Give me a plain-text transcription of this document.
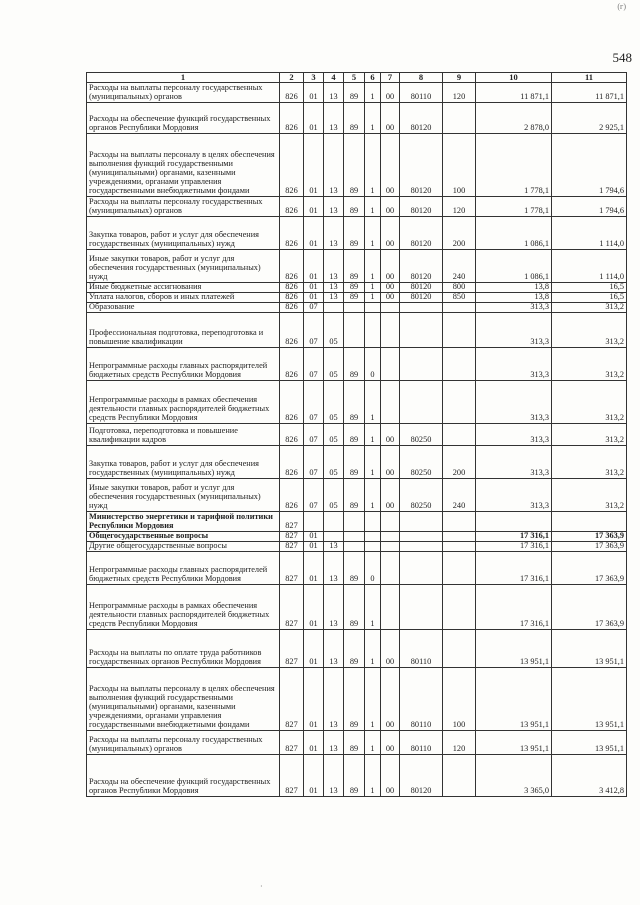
(г)
548
1	2	3	4	5	6	7	8	9	10	11
Расходы на выплаты персоналу государственных (муниципальных) органов	826	01	13	89	1	00	80110	120	11 871,1	11 871,1
Расходы на обеспечение функций государственных органов Республики Мордовия	826	01	13	89	1	00	80120		2 878,0	2 925,1
Расходы на выплаты персоналу в целях обеспечения выполнения функций государственными (муниципальными) органами, казенными учреждениями, органами управления государственными внебюджетными фондами	826	01	13	89	1	00	80120	100	1 778,1	1 794,6
Расходы на выплаты персоналу государственных (муниципальных) органов	826	01	13	89	1	00	80120	120	1 778,1	1 794,6
Закупка товаров, работ и услуг для обеспечения государственных (муниципальных) нужд	826	01	13	89	1	00	80120	200	1 086,1	1 114,0
Иные закупки товаров, работ и услуг для обеспечения государственных (муниципальных) нужд	826	01	13	89	1	00	80120	240	1 086,1	1 114,0
Иные бюджетные ассигнования	826	01	13	89	1	00	80120	800	13,8	16,5
Уплата налогов, сборов и иных платежей	826	01	13	89	1	00	80120	850	13,8	16,5
Образование	826	07							313,3	313,2
Профессиональная подготовка, переподготовка и повышение квалификации	826	07	05						313,3	313,2
Непрограммные расходы главных распорядителей бюджетных средств Республики Мордовия	826	07	05	89	0				313,3	313,2
Непрограммные расходы в рамках обеспечения деятельности главных распорядителей бюджетных средств Республики Мордовия	826	07	05	89	1				313,3	313,2
Подготовка, переподготовка и повышение квалификации кадров	826	07	05	89	1	00	80250		313,3	313,2
Закупка товаров, работ и услуг для обеспечения государственных (муниципальных) нужд	826	07	05	89	1	00	80250	200	313,3	313,2
Иные закупки товаров, работ и услуг для обеспечения государственных (муниципальных) нужд	826	07	05	89	1	00	80250	240	313,3	313,2
Министерство энергетики и тарифной политики Республики Мордовия	827									
Общегосударственные вопросы	827	01							17 316,1	17 363,9
Другие общегосударственные вопросы	827	01	13						17 316,1	17 363,9
Непрограммные расходы главных распорядителей бюджетных средств Республики Мордовия	827	01	13	89	0				17 316,1	17 363,9
Непрограммные расходы в рамках обеспечения деятельности главных распорядителей бюджетных средств Республики Мордовия	827	01	13	89	1				17 316,1	17 363,9
Расходы на выплаты по оплате труда работников государственных органов Республики Мордовия	827	01	13	89	1	00	80110		13 951,1	13 951,1
Расходы на выплаты персоналу в целях обеспечения выполнения функций государственными (муниципальными) органами, казенными учреждениями, органами управления государственными внебюджетными фондами	827	01	13	89	1	00	80110	100	13 951,1	13 951,1
Расходы на выплаты персоналу государственных (муниципальных) органов	827	01	13	89	1	00	80110	120	13 951,1	13 951,1
Расходы на обеспечение функций государственных органов Республики Мордовия	827	01	13	89	1	00	80120		3 365,0	3 412,8
·
